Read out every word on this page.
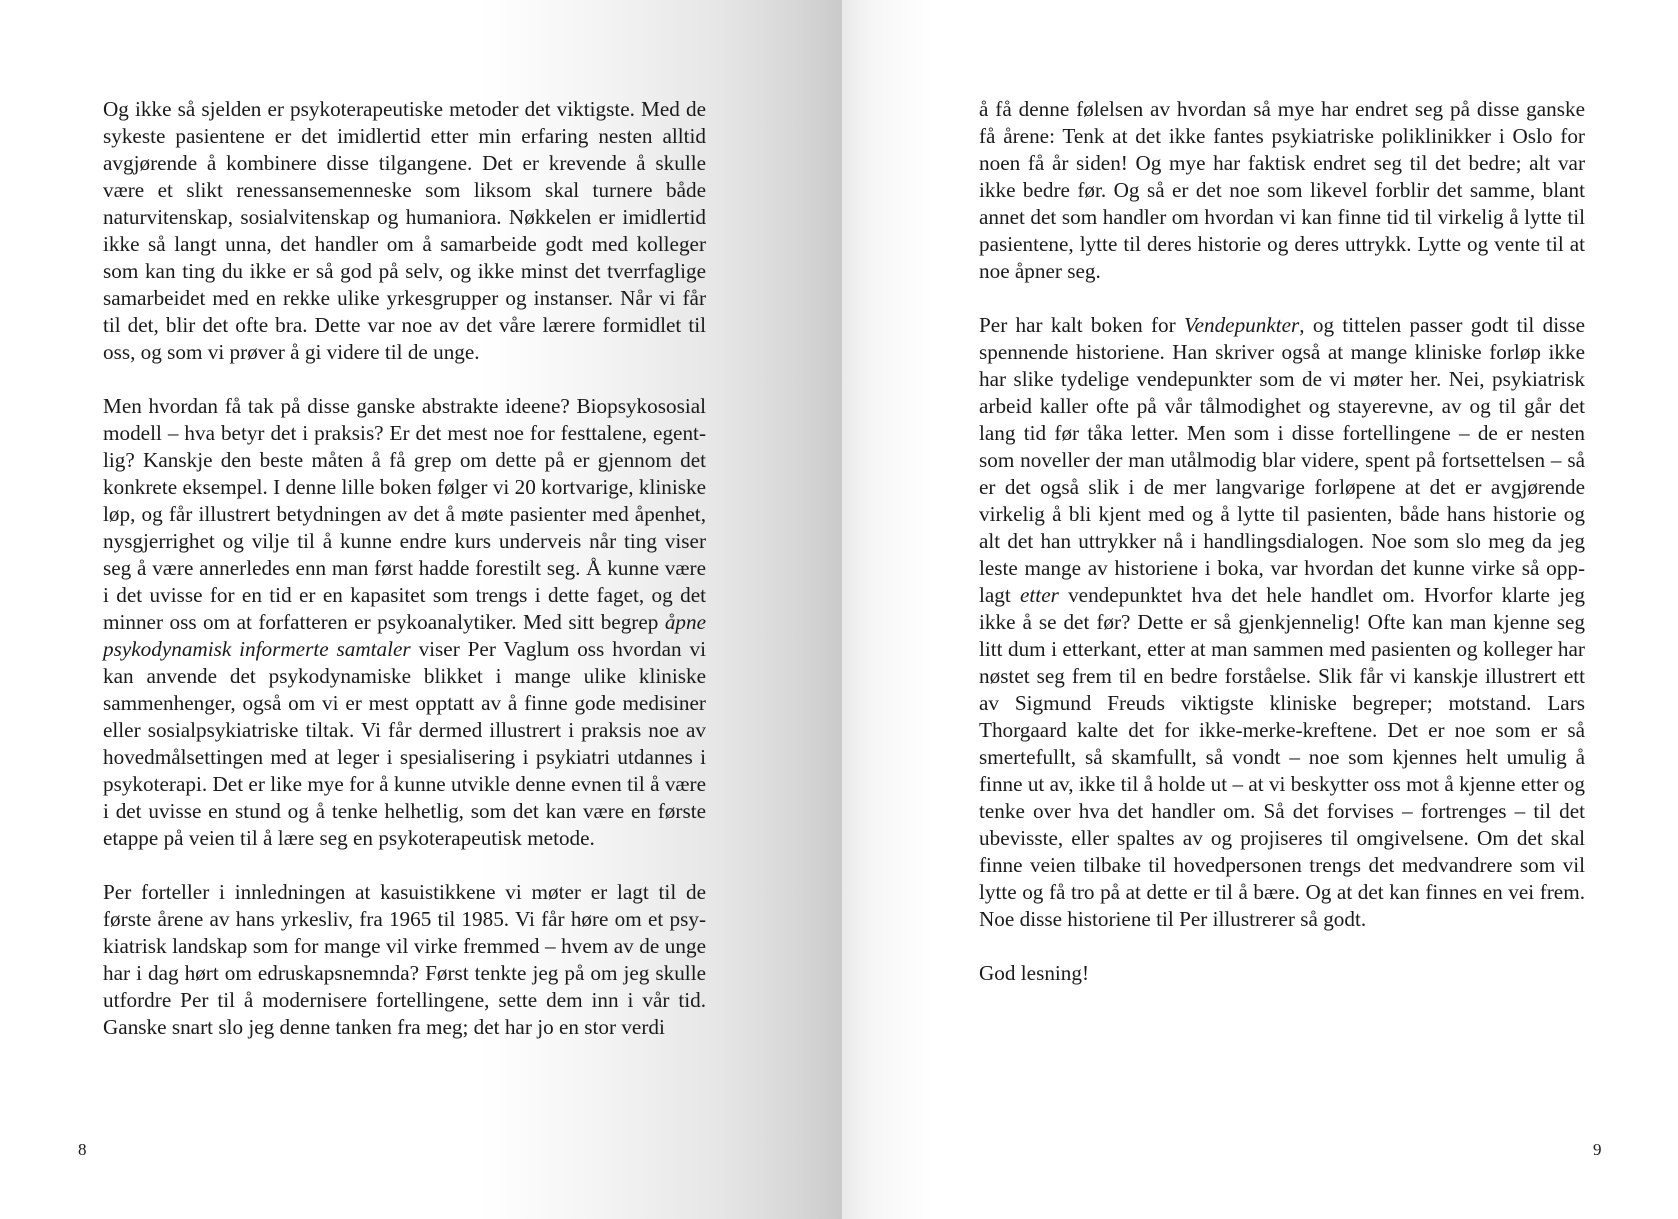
Og ikke så sjelden er psykoterapeutiske metoder det viktigste. Med de sykeste pasientene er det imidlertid etter min erfaring nesten alltid avgjørende å kombinere disse tilgangene. Det er krevende å skulle være et slikt renessansemenneske som liksom skal turnere både naturvitenskap, sosialvitenskap og humaniora. Nøkkelen er imidlertid ikke så langt unna, det handler om å samarbeide godt med kolleger som kan ting du ikke er så god på selv, og ikke minst det tverrfaglige samarbeidet med en rekke ulike yrkesgrupper og instanser. Når vi får til det, blir det ofte bra. Dette var noe av det våre lærere formidlet til oss, og som vi prøver å gi videre til de unge.

Men hvordan få tak på disse ganske abstrakte ideene? Biopsykososial modell – hva betyr det i praksis? Er det mest noe for festtalene, egentlig? Kanskje den beste måten å få grep om dette på er gjennom det konkrete eksempel. I denne lille boken følger vi 20 kortvarige, kliniske løp, og får illustrert betydningen av det å møte pasienter med åpenhet, nysgjerrighet og vilje til å kunne endre kurs underveis når ting viser seg å være annerledes enn man først hadde forestilt seg. Å kunne være i det uvisse for en tid er en kapasitet som trengs i dette faget, og det minner oss om at forfatteren er psykoanalytiker. Med sitt begrep åpne psykodynamisk informerte samtaler viser Per Vaglum oss hvordan vi kan anvende det psykodynamiske blikket i mange ulike kliniske sammenhenger, også om vi er mest opptatt av å finne gode medisiner eller sosialpsykiatriske tiltak. Vi får dermed illustrert i praksis noe av hovedmålsettingen med at leger i spesialisering i psykiatri utdannes i psykoterapi. Det er like mye for å kunne utvikle denne evnen til å være i det uvisse en stund og å tenke helhetlig, som det kan være en første etappe på veien til å lære seg en psykoterapeutisk metode.

Per forteller i innledningen at kasuistikkene vi møter er lagt til de første årene av hans yrkesliv, fra 1965 til 1985. Vi får høre om et psykiatrisk landskap som for mange vil virke fremmed – hvem av de unge har i dag hørt om edruskapsnemnda? Først tenkte jeg på om jeg skulle utfordre Per til å modernisere fortellingene, sette dem inn i vår tid. Ganske snart slo jeg denne tanken fra meg; det har jo en stor verdi

8

å få denne følelsen av hvordan så mye har endret seg på disse ganske få årene: Tenk at det ikke fantes psykiatriske poliklinikker i Oslo for noen få år siden! Og mye har faktisk endret seg til det bedre; alt var ikke bedre før. Og så er det noe som likevel forblir det samme, blant annet det som handler om hvordan vi kan finne tid til virkelig å lytte til pasientene, lytte til deres historie og deres uttrykk. Lytte og vente til at noe åpner seg.

Per har kalt boken for Vendepunkter, og tittelen passer godt til disse spennende historiene. Han skriver også at mange kliniske forløp ikke har slike tydelige vendepunkter som de vi møter her. Nei, psykiatrisk arbeid kaller ofte på vår tålmodighet og stayerevne, av og til går det lang tid før tåka letter. Men som i disse fortellingene – de er nesten som noveller der man utålmodig blar videre, spent på fortsettelsen – så er det også slik i de mer langvarige forløpene at det er avgjørende virkelig å bli kjent med og å lytte til pasienten, både hans historie og alt det han uttrykker nå i handlingsdialogen. Noe som slo meg da jeg leste mange av historiene i boka, var hvordan det kunne virke så opplagt etter vendepunktet hva det hele handlet om. Hvorfor klarte jeg ikke å se det før? Dette er så gjenkjennelig! Ofte kan man kjenne seg litt dum i etterkant, etter at man sammen med pasienten og kolleger har nøstet seg frem til en bedre forståelse. Slik får vi kanskje illustrert ett av Sigmund Freuds viktigste kliniske begreper; motstand. Lars Thorgaard kalte det for ikke-merke-kreftene. Det er noe som er så smertefullt, så skamfullt, så vondt – noe som kjennes helt umulig å finne ut av, ikke til å holde ut – at vi beskytter oss mot å kjenne etter og tenke over hva det handler om. Så det forvises – fortrenges – til det ubevisste, eller spaltes av og projiseres til omgivelsene. Om det skal finne veien tilbake til hovedpersonen trengs det medvandrere som vil lytte og få tro på at dette er til å bære. Og at det kan finnes en vei frem. Noe disse historiene til Per illustrerer så godt.

God lesning!

9
